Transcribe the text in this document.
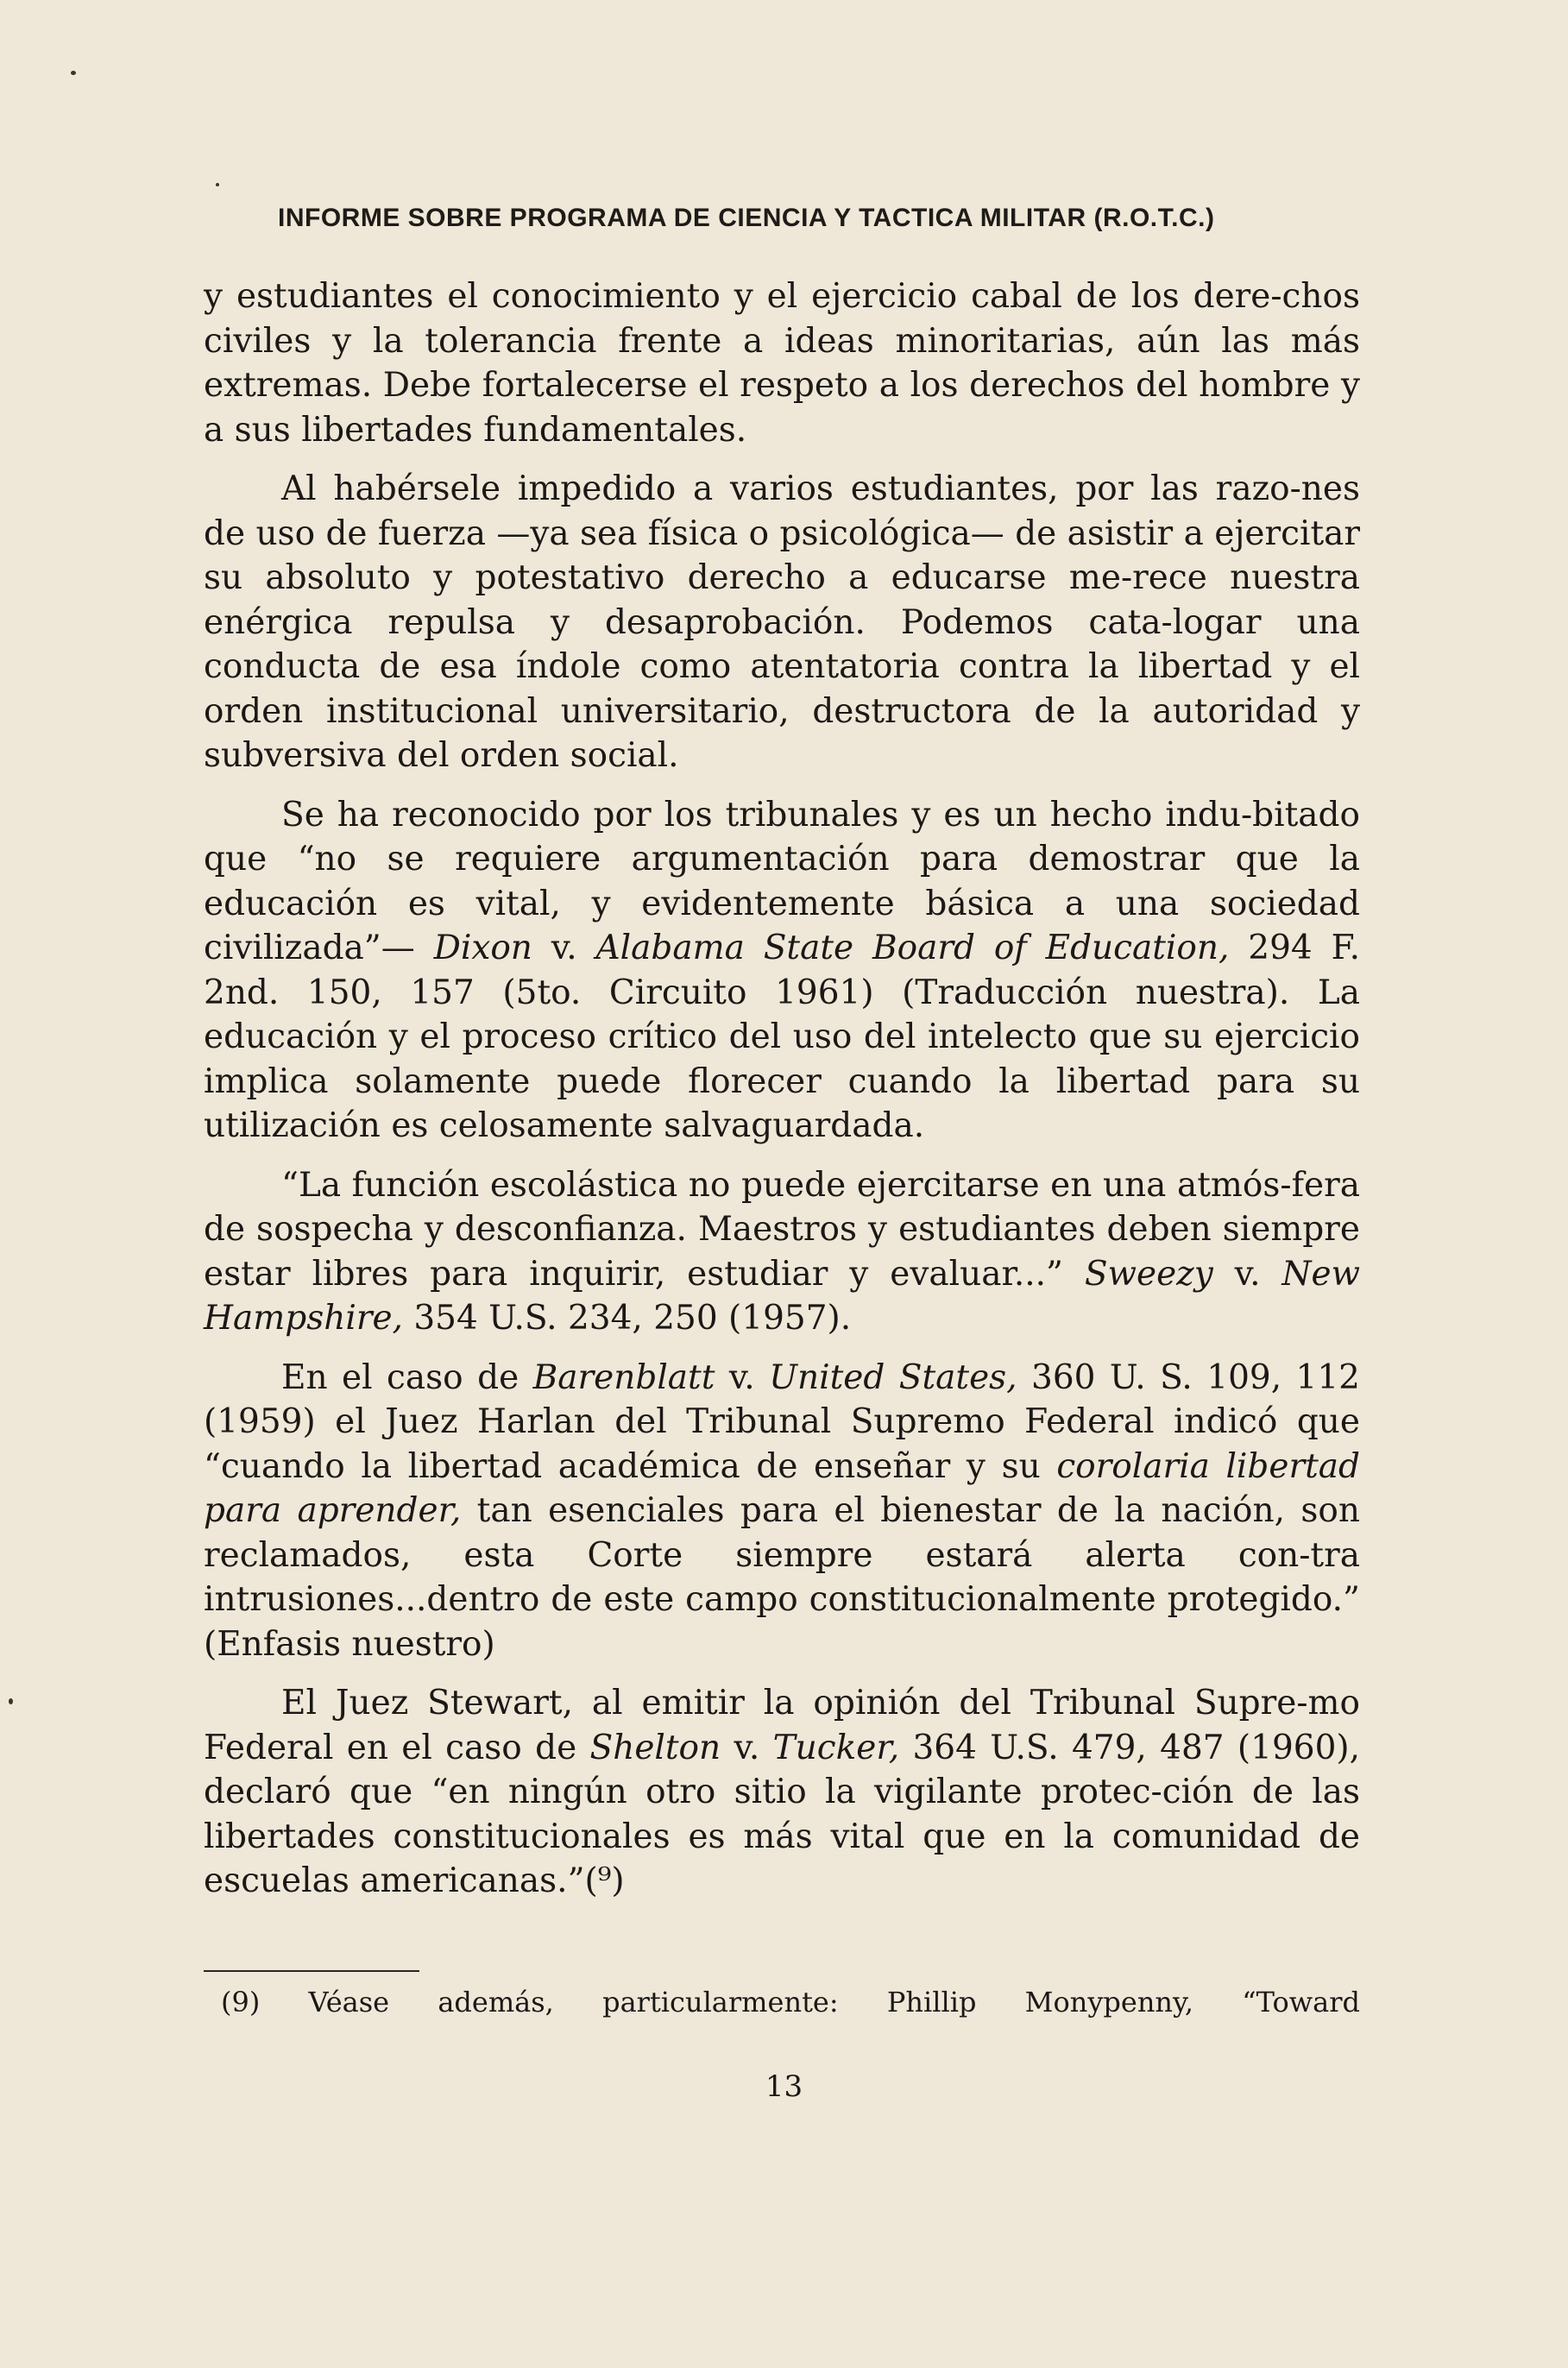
INFORME SOBRE PROGRAMA DE CIENCIA Y TACTICA MILITAR (R.O.T.C.)

y estudiantes el conocimiento y el ejercicio cabal de los dere-chos civiles y la tolerancia frente a ideas minoritarias, aún las más extremas. Debe fortalecerse el respeto a los derechos del hombre y a sus libertades fundamentales.

Al habérsele impedido a varios estudiantes, por las razo-nes de uso de fuerza —ya sea física o psicológica— de asistir a ejercitar su absoluto y potestativo derecho a educarse me-rece nuestra enérgica repulsa y desaprobación. Podemos cata-logar una conducta de esa índole como atentatoria contra la libertad y el orden institucional universitario, destructora de la autoridad y subversiva del orden social.

Se ha reconocido por los tribunales y es un hecho indu-bitado que “no se requiere argumentación para demostrar que la educación es vital, y evidentemente básica a una sociedad civilizada”— Dixon v. Alabama State Board of Education, 294 F. 2nd. 150, 157 (5to. Circuito 1961) (Traducción nuestra). La educación y el proceso crítico del uso del intelecto que su ejercicio implica solamente puede florecer cuando la libertad para su utilización es celosamente salvaguardada.

“La función escolástica no puede ejercitarse en una atmós-fera de sospecha y desconfianza. Maestros y estudiantes deben siempre estar libres para inquirir, estudiar y evaluar...” Sweezy v. New Hampshire, 354 U.S. 234, 250 (1957).

En el caso de Barenblatt v. United States, 360 U. S. 109, 112 (1959) el Juez Harlan del Tribunal Supremo Federal indicó que “cuando la libertad académica de enseñar y su corolaria libertad para aprender, tan esenciales para el bienestar de la nación, son reclamados, esta Corte siempre estará alerta con-tra intrusiones...dentro de este campo constitucionalmente protegido.” (Enfasis nuestro)

El Juez Stewart, al emitir la opinión del Tribunal Supre-mo Federal en el caso de Shelton v. Tucker, 364 U.S. 479, 487 (1960), declaró que “en ningún otro sitio la vigilante protec-ción de las libertades constitucionales es más vital que en la comunidad de escuelas americanas.”(⁹)

(9) Véase además, particularmente: Phillip Monypenny, “Toward
13
